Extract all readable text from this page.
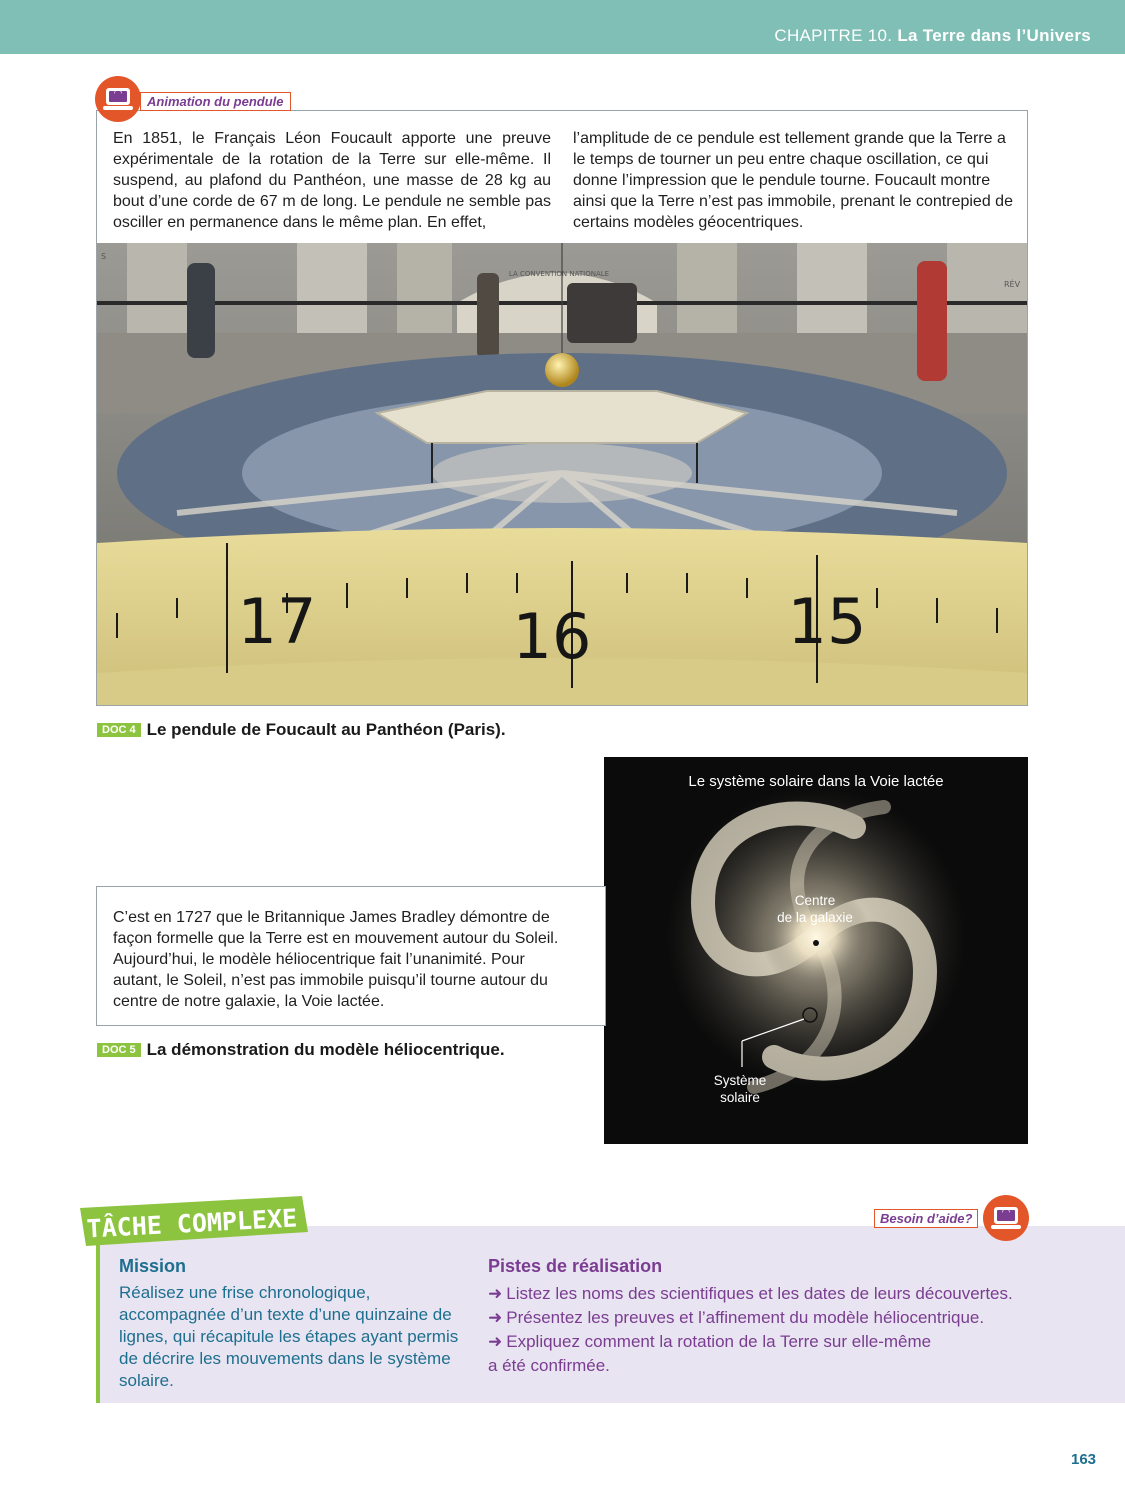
CHAPITRE 10. La Terre dans l’Univers
◠
Animation du pendule
En 1851, le Français Léon Foucault apporte une preuve expérimentale de la rotation de la Terre sur elle-même. Il suspend, au plafond du Panthéon, une masse de 28 kg au bout d’une corde de 67 m de long. Le pendule ne semble pas osciller en permanence dans le même plan. En effet,
l’amplitude de ce pendule est tellement grande que la Terre a le temps de tourner un peu entre chaque oscillation, ce qui donne l’impression que le pendule tourne. Foucault montre ainsi que la Terre n’est pas immobile, prenant le contrepied de certains modèles géocentriques.
LA CONVENTION NATIONALE
RÉV
S
17	16	15
DOC 4 Le pendule de Foucault au Panthéon (Paris).
Le système solaire dans la Voie lactée
Centre
de la galaxie
Système
solaire
C’est en 1727 que le Britannique James Bradley démontre de façon formelle que la Terre est en mouvement autour du Soleil. Aujourd’hui, le modèle héliocentrique fait l’unanimité. Pour autant, le Soleil, n’est pas immobile puisqu’il tourne autour du centre de notre galaxie, la Voie lactée.
DOC 5 La démonstration du modèle héliocentrique.
TÂCHE COMPLEXE	Besoin d’aide?	◠
Mission
Réalisez une frise chronologique, accompagnée d’un texte d’une quinzaine de lignes, qui récapitule les étapes ayant permis de décrire les mouvements dans le système solaire.
Pistes de réalisation
➜ Listez les noms des scientifiques et les dates de leurs découvertes.
➜ Présentez les preuves et l’affinement du modèle héliocentrique.
➜ Expliquez comment la rotation de la Terre sur elle-même
a été confirmée.
163
